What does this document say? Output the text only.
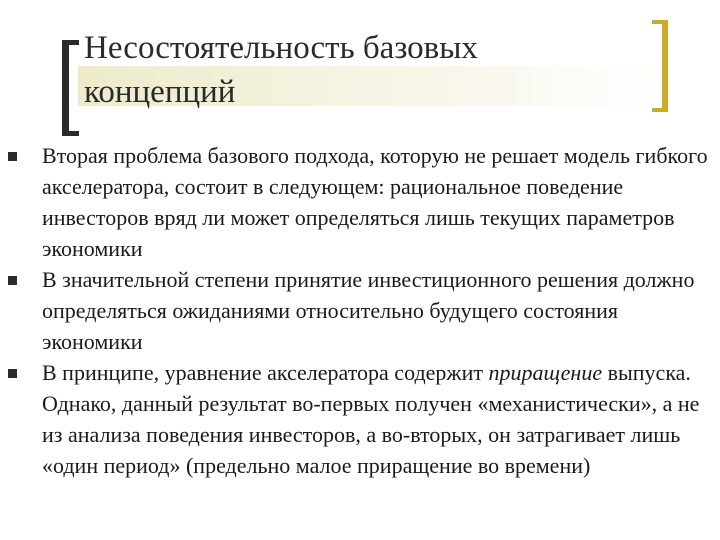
Несостоятельность базовых
концепций
Вторая проблема базового подхода, которую не решает модель гибкого акселератора, состоит в следующем: рациональное поведение инвесторов вряд ли может определяться лишь текущих параметров экономики
В значительной степени принятие инвестиционного решения должно определяться ожиданиями относительно будущего состояния экономики
В принципе, уравнение акселератора содержит приращение выпуска. Однако, данный результат во-первых получен «механистически», а не из анализа поведения инвесторов, а во-вторых, он затрагивает лишь «один период» (предельно малое приращение во времени)
